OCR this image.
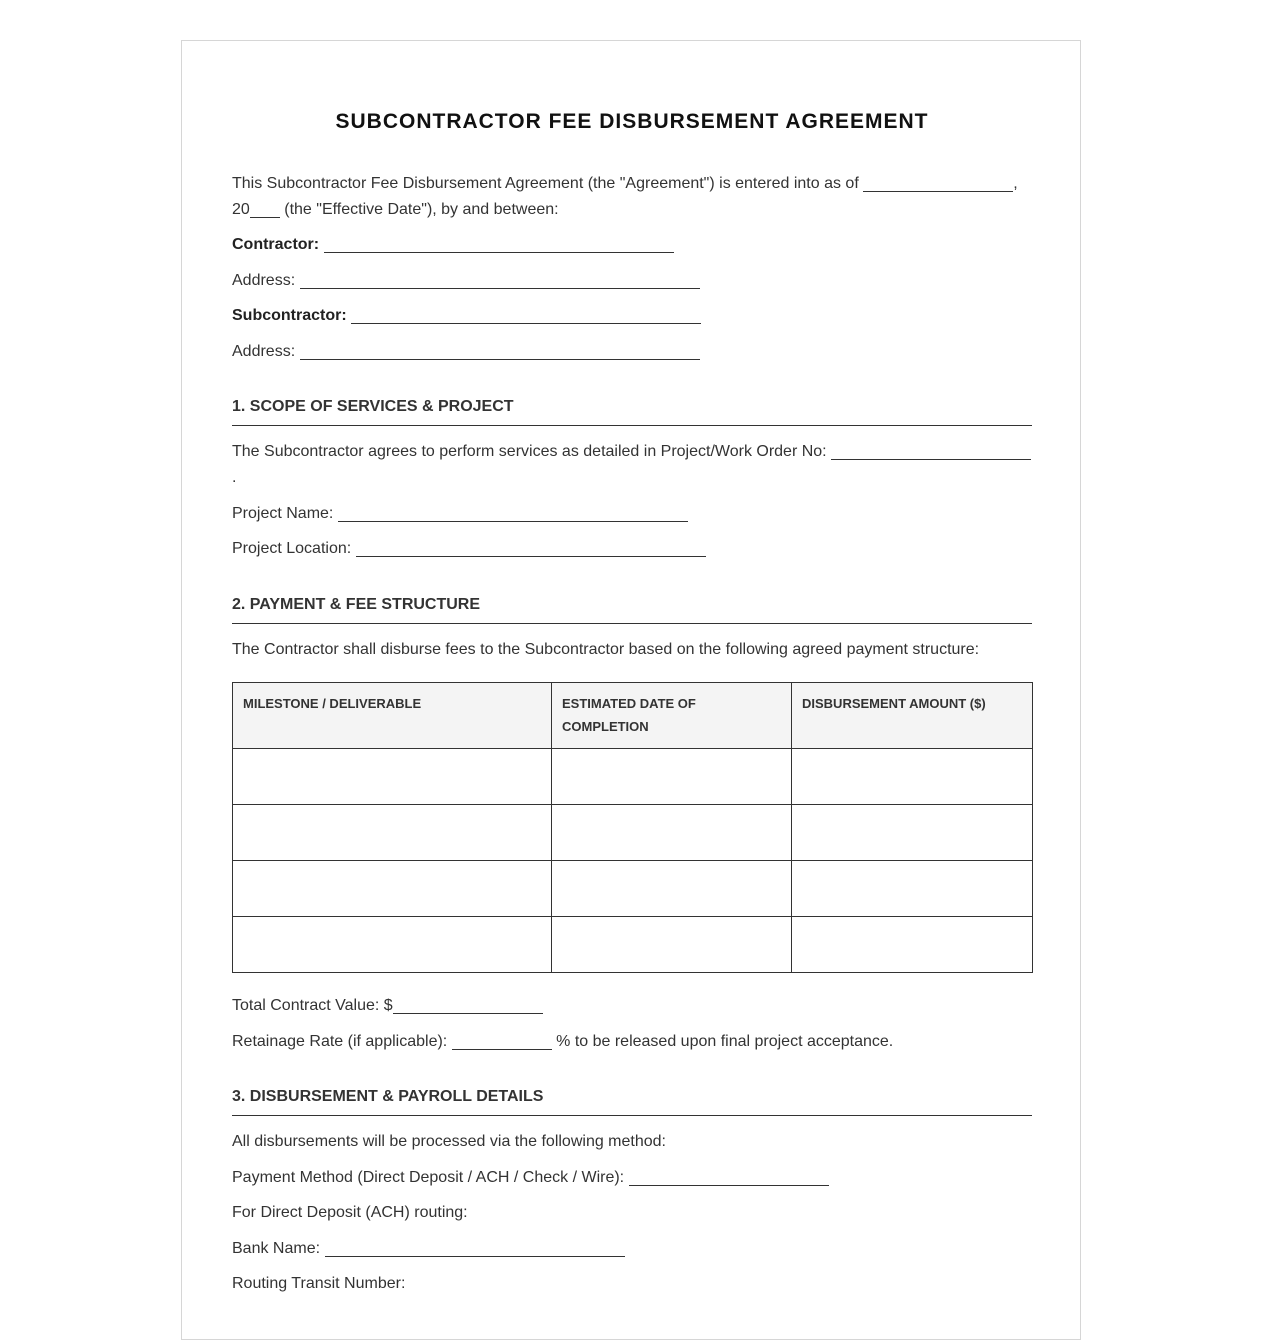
SUBCONTRACTOR FEE DISBURSEMENT AGREEMENT
This Subcontractor Fee Disbursement Agreement (the "Agreement") is entered into as of	,
20 (the "Effective Date"), by and between:
Contractor:
Address:
Subcontractor:
Address:
1. SCOPE OF SERVICES & PROJECT
The Subcontractor agrees to perform services as detailed in Project/Work Order No:
.
Project Name:
Project Location:
2. PAYMENT & FEE STRUCTURE
The Contractor shall disburse fees to the Subcontractor based on the following agreed payment structure:
MILESTONE / DELIVERABLE	ESTIMATED DATE OF COMPLETION	DISBURSEMENT AMOUNT ($)

Total Contract Value: $
Retainage Rate (if applicable):	% to be released upon final project acceptance.
3. DISBURSEMENT & PAYROLL DETAILS
All disbursements will be processed via the following method:
Payment Method (Direct Deposit / ACH / Check / Wire):
For Direct Deposit (ACH) routing:
Bank Name:
Routing Transit Number:
